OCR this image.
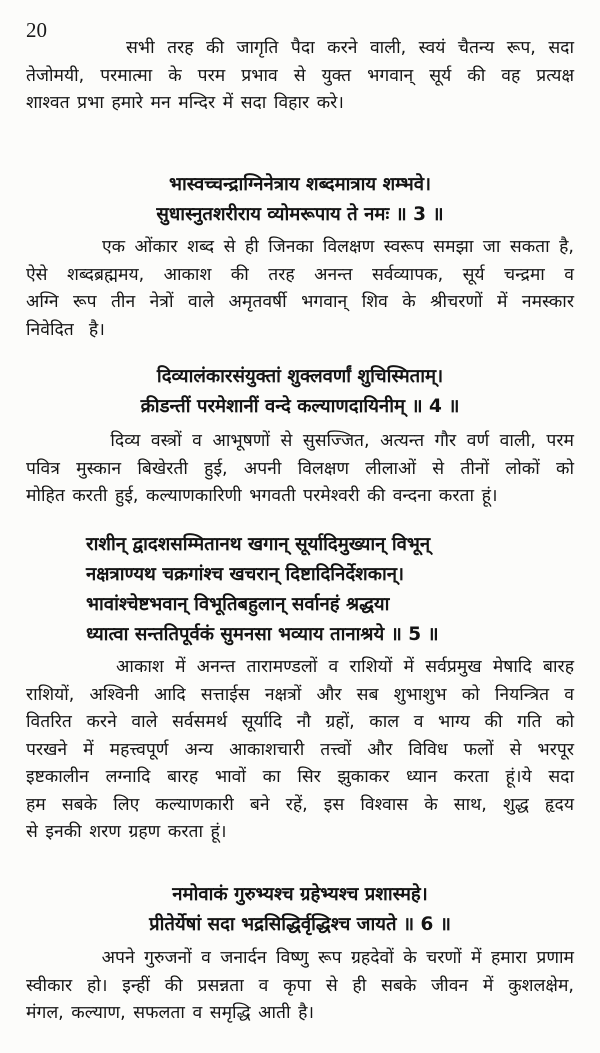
20
सभी तरह की जागृति पैदा करने वाली, स्वयं चैतन्य रूप, सदा
तेजोमयी, परमात्मा के परम प्रभाव से युक्त भगवान् सूर्य की वह प्रत्यक्ष
शाश्वत प्रभा हमारे मन मन्दिर में सदा विहार करे।
भास्वच्चन्द्राग्निनेत्राय शब्दमात्राय शम्भवे।
सुधास्नुतशरीराय व्योमरूपाय ते नमः ॥ 3 ॥
एक ओंकार शब्द से ही जिनका विलक्षण स्वरूप समझा जा सकता है,
ऐसे शब्दब्रह्ममय, आकाश की तरह अनन्त सर्वव्यापक, सूर्य चन्द्रमा व
अग्नि रूप तीन नेत्रों वाले अमृतवर्षी भगवान् शिव के श्रीचरणों में नमस्कार
निवेदित  है।
दिव्यालंकारसंयुक्तां शुक्लवर्णां शुचिस्मिताम्।
क्रीडन्तीं परमेशानीं वन्दे कल्याणदायिनीम् ॥ 4 ॥
दिव्य वस्त्रों व आभूषणों से सुसज्जित, अत्यन्त गौर वर्ण वाली, परम
पवित्र मुस्कान बिखेरती हुई, अपनी विलक्षण लीलाओं से तीनों लोकों को
मोहित करती हुई, कल्याणकारिणी भगवती परमेश्वरी की वन्दना करता हूं।
राशीन् द्वादशसम्मितानथ खगान् सूर्यादिमुख्यान् विभून्
नक्षत्राण्यथ चक्रगांश्च खचरान् दिष्टादिनिर्देशकान्।
भावांश्चेष्टभवान् विभूतिबहुलान् सर्वानहं श्रद्धया
ध्यात्वा सन्ततिपूर्वकं सुमनसा भव्याय तानाश्रये ॥ 5 ॥
आकाश में अनन्त तारामण्डलों व राशियों में सर्वप्रमुख मेषादि बारह
राशियों, अश्विनी आदि सत्ताईस नक्षत्रों और सब शुभाशुभ को नियन्त्रित व
वितरित करने वाले सर्वसमर्थ सूर्यादि नौ ग्रहों, काल व भाग्य की गति को
परखने में महत्त्वपूर्ण अन्य आकाशचारी तत्त्वों और विविध फलों से भरपूर
इष्टकालीन लग्नादि बारह भावों का सिर झुकाकर ध्यान करता हूं।ये सदा
हम सबके लिए कल्याणकारी बने रहें, इस विश्वास के साथ, शुद्ध हृदय
से इनकी शरण ग्रहण करता हूं।
नमोवाकं गुरुभ्यश्च ग्रहेभ्यश्च प्रशास्महे।
प्रीतेर्येषां सदा भद्रसिद्धिर्वृद्धिश्च जायते ॥ 6 ॥
अपने गुरुजनों व जनार्दन विष्णु रूप ग्रहदेवों के चरणों में हमारा प्रणाम
स्वीकार हो। इन्हीं की प्रसन्नता व कृपा से ही सबके जीवन में कुशलक्षेम,
मंगल, कल्याण, सफलता व समृद्धि आती है।
